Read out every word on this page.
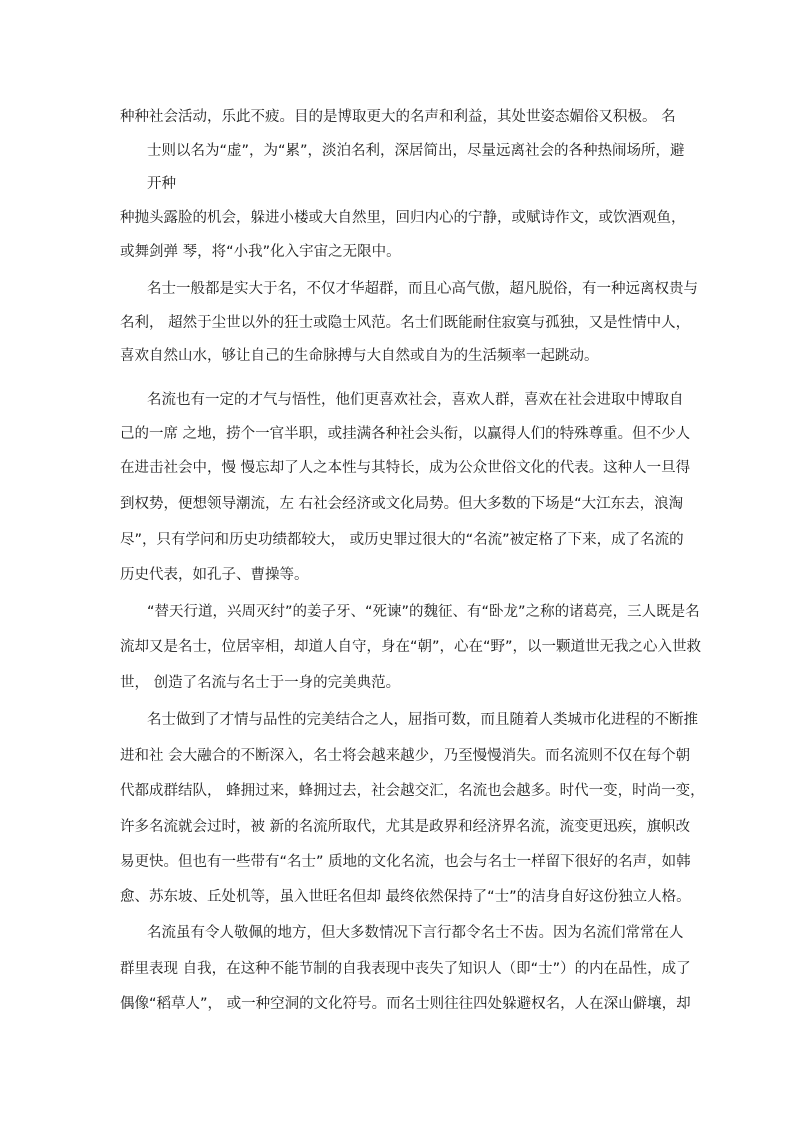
种种社会活动，乐此不疲。目的是博取更大的名声和利益，其处世姿态媚俗又积极。 名
士则以名为“虚”，为“累”，淡泊名利，深居简出，尽量远离社会的各种热闹场所，避
开种
种抛头露脸的机会，躲进小楼或大自然里，回归内心的宁静，或赋诗作文，或饮酒观鱼，
或舞剑弹 琴，将“小我”化入宇宙之无限中。
名士一般都是实大于名，不仅才华超群，而且心高气傲，超凡脱俗，有一种远离权贵与
名利， 超然于尘世以外的狂士或隐士风范。名士们既能耐住寂寞与孤独，又是性情中人，
喜欢自然山水，够让自己的生命脉搏与大自然或自为的生活频率一起跳动。
名流也有一定的才气与悟性，他们更喜欢社会，喜欢人群，喜欢在社会进取中博取自
己的一席 之地，捞个一官半职，或挂满各种社会头衔，以赢得人们的特殊尊重。但不少人
在进击社会中，慢 慢忘却了人之本性与其特长，成为公众世俗文化的代表。这种人一旦得
到权势，便想领导潮流，左 右社会经济或文化局势。但大多数的下场是“大江东去，浪淘
尽”，只有学问和历史功绩都较大， 或历史罪过很大的“名流”被定格了下来，成了名流的
历史代表，如孔子、曹操等。
“替天行道，兴周灭纣”的姜子牙、“死谏”的魏征、有“卧龙”之称的诸葛亮，三人既是名
流却又是名士，位居宰相，却道人自守，身在“朝”，心在“野”，以一颗道世无我之心入世救
世， 创造了名流与名士于一身的完美典范。
名士做到了才情与品性的完美结合之人，屈指可数，而且随着人类城市化进程的不断推
进和社 会大融合的不断深入，名士将会越来越少，乃至慢慢消失。而名流则不仅在每个朝
代都成群结队， 蜂拥过来，蜂拥过去，社会越交汇，名流也会越多。时代一变，时尚一变，
许多名流就会过时，被 新的名流所取代，尤其是政界和经济界名流，流变更迅疾，旗帜改
易更快。但也有一些带有“名士” 质地的文化名流，也会与名士一样留下很好的名声，如韩
愈、苏东坡、丘处机等，虽入世旺名但却 最终依然保持了“士”的洁身自好这份独立人格。
名流虽有令人敬佩的地方，但大多数情况下言行都令名士不齿。因为名流们常常在人
群里表现 自我，在这种不能节制的自我表现中丧失了知识人（即“士”）的内在品性，成了
偶像“稻草人”， 或一种空洞的文化符号。而名士则往往四处躲避权名，人在深山僻壤，却
